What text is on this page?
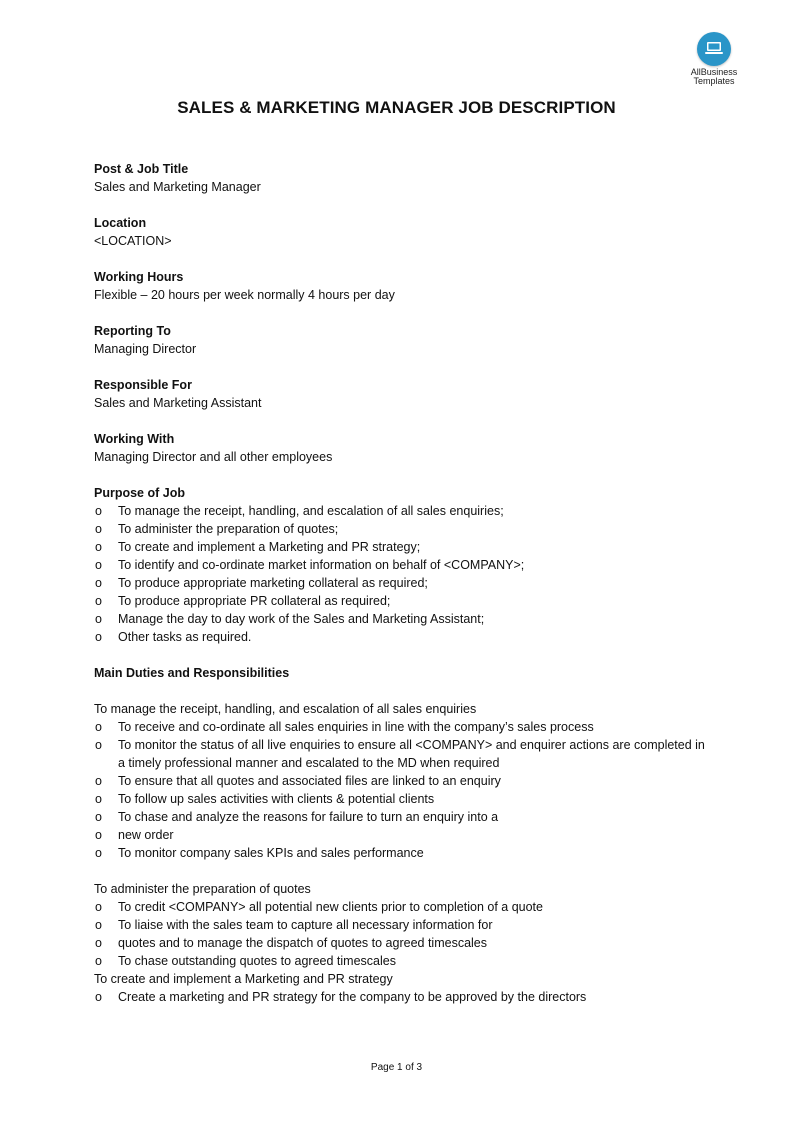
AllBusiness
Templates
SALES & MARKETING MANAGER JOB DESCRIPTION
Post & Job Title
Sales and Marketing Manager
Location
<LOCATION>
Working Hours
Flexible – 20 hours per week normally 4 hours per day
Reporting To
Managing Director
Responsible For
Sales and Marketing Assistant
Working With
Managing Director and all other employees
Purpose of Job
o To manage the receipt, handling, and escalation of all sales enquiries;
o To administer the preparation of quotes;
o To create and implement a Marketing and PR strategy;
o To identify and co-ordinate market information on behalf of <COMPANY>;
o To produce appropriate marketing collateral as required;
o To produce appropriate PR collateral as required;
o Manage the day to day work of the Sales and Marketing Assistant;
o Other tasks as required.
Main Duties and Responsibilities
To manage the receipt, handling, and escalation of all sales enquiries
o To receive and co-ordinate all sales enquiries in line with the company’s sales process
o To monitor the status of all live enquiries to ensure all <COMPANY> and enquirer actions are completed in a timely professional manner and escalated to the MD when required
o To ensure that all quotes and associated files are linked to an enquiry
o To follow up sales activities with clients & potential clients
o To chase and analyze the reasons for failure to turn an enquiry into a
o new order
o To monitor company sales KPIs and sales performance
To administer the preparation of quotes
o To credit <COMPANY> all potential new clients prior to completion of a quote
o To liaise with the sales team to capture all necessary information for
o quotes and to manage the dispatch of quotes to agreed timescales
o To chase outstanding quotes to agreed timescales
To create and implement a Marketing and PR strategy
o Create a marketing and PR strategy for the company to be approved by the directors
Page 1 of 3
